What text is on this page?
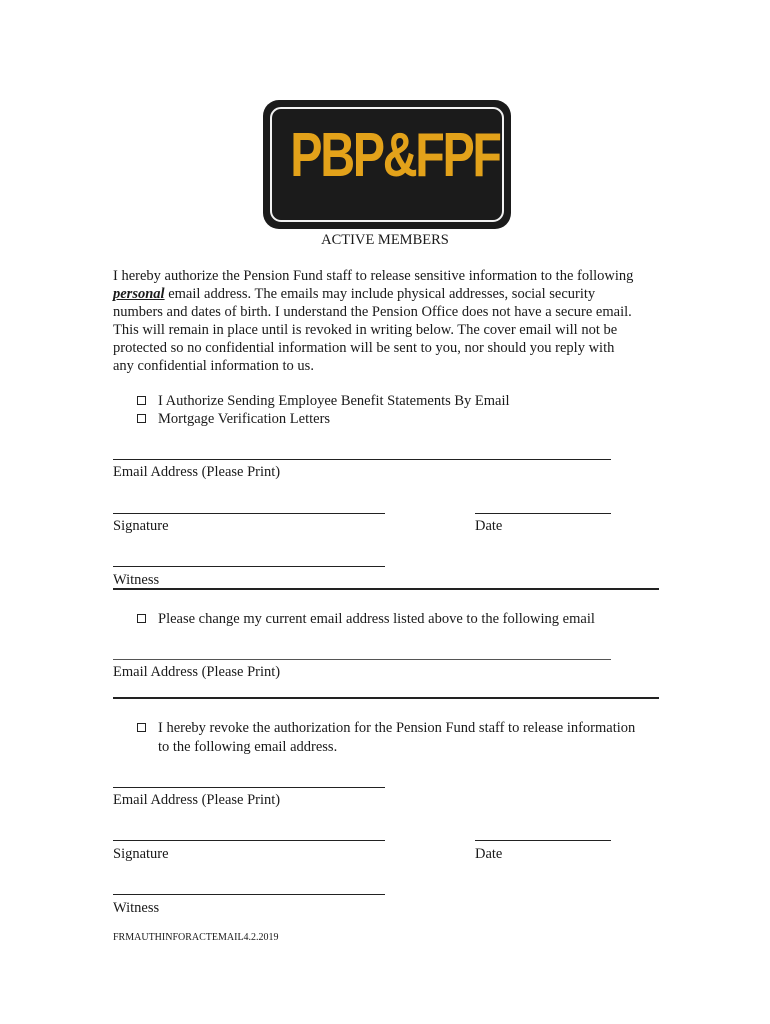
PBP&FPF
ACTIVE MEMBERS
I hereby authorize the Pension Fund staff to release sensitive information to the following
personal email address. The emails may include physical addresses, social security
numbers and dates of birth. I understand the Pension Office does not have a secure email.
This will remain in place until is revoked in writing below. The cover email will not be
protected so no confidential information will be sent to you, nor should you reply with
any confidential information to us.
I Authorize Sending Employee Benefit Statements By Email
Mortgage Verification Letters
Email Address (Please Print)
Signature	Date
Witness
Please change my current email address listed above to the following email
Email Address (Please Print)
I hereby revoke the authorization for the Pension Fund staff to release information
to the following email address.
Email Address (Please Print)
Signature	Date
Witness
FRMAUTHINFORACTEMAIL4.2.2019
